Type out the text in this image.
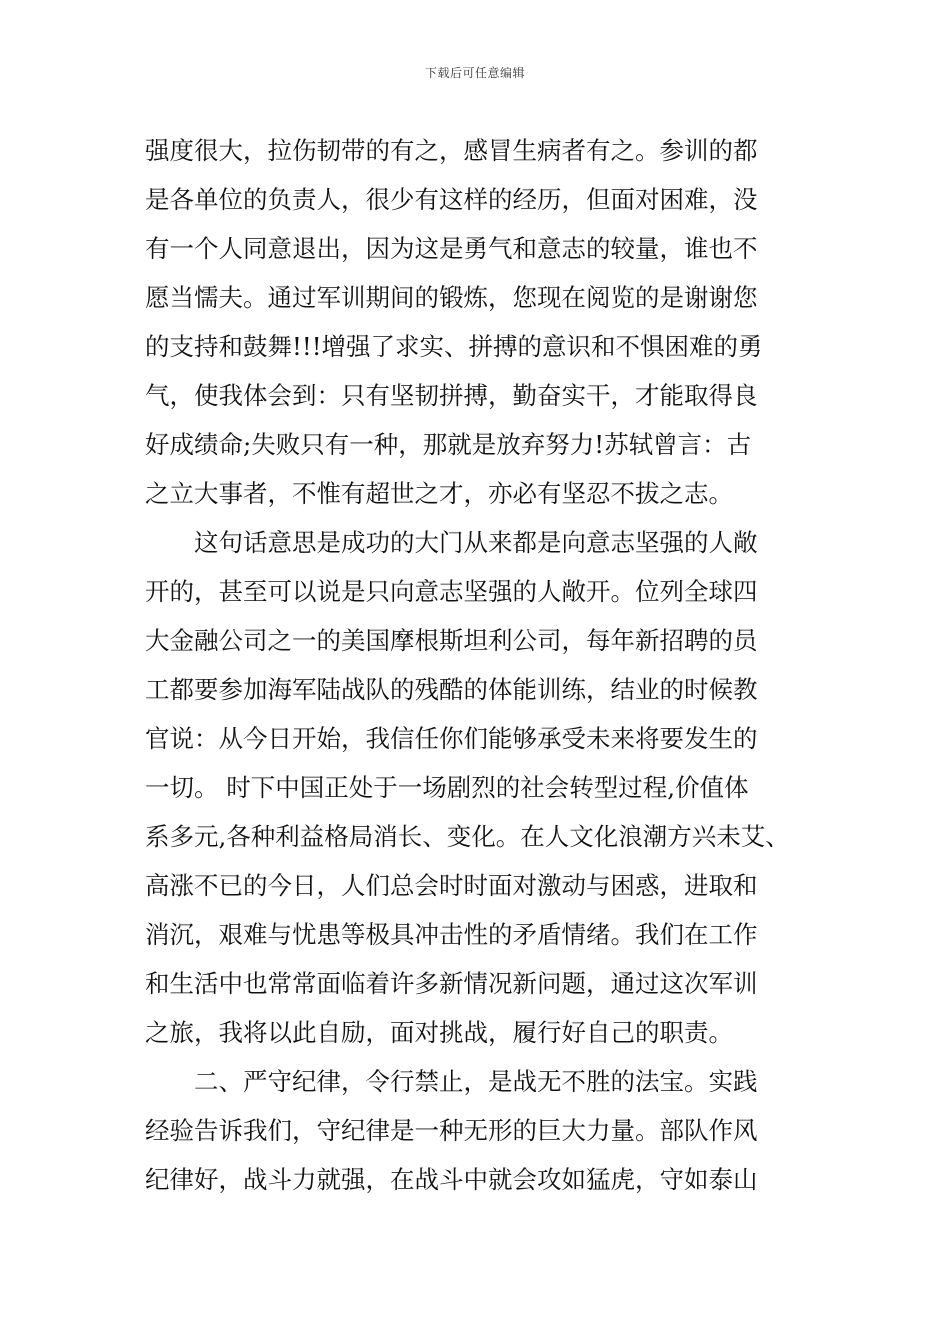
下载后可任意编辑
强度很大，拉伤韧带的有之，感冒生病者有之。参训的都
是各单位的负责人，很少有这样的经历，但面对困难，没
有一个人同意退出，因为这是勇气和意志的较量，谁也不
愿当懦夫。通过军训期间的锻炼，您现在阅览的是谢谢您
的支持和鼓舞!!!增强了求实、拼搏的意识和不惧困难的勇
气，使我体会到：只有坚韧拼搏，勤奋实干，才能取得良
好成绩命;失败只有一种，那就是放弃努力!苏轼曾言：古
之立大事者，不惟有超世之才，亦必有坚忍不拔之志。
这句话意思是成功的大门从来都是向意志坚强的人敞
开的，甚至可以说是只向意志坚强的人敞开。位列全球四
大金融公司之一的美国摩根斯坦利公司，每年新招聘的员
工都要参加海军陆战队的残酷的体能训练，结业的时候教
官说：从今日开始，我信任你们能够承受未来将要发生的
一切。 时下中国正处于一场剧烈的社会转型过程,价值体
系多元,各种利益格局消长、变化。在人文化浪潮方兴未艾、
高涨不已的今日，人们总会时时面对激动与困惑，进取和
消沉，艰难与忧患等极具冲击性的矛盾情绪。我们在工作
和生活中也常常面临着许多新情况新问题，通过这次军训
之旅，我将以此自励，面对挑战，履行好自己的职责。
二、严守纪律，令行禁止，是战无不胜的法宝。实践
经验告诉我们，守纪律是一种无形的巨大力量。部队作风
纪律好，战斗力就强，在战斗中就会攻如猛虎，守如泰山
